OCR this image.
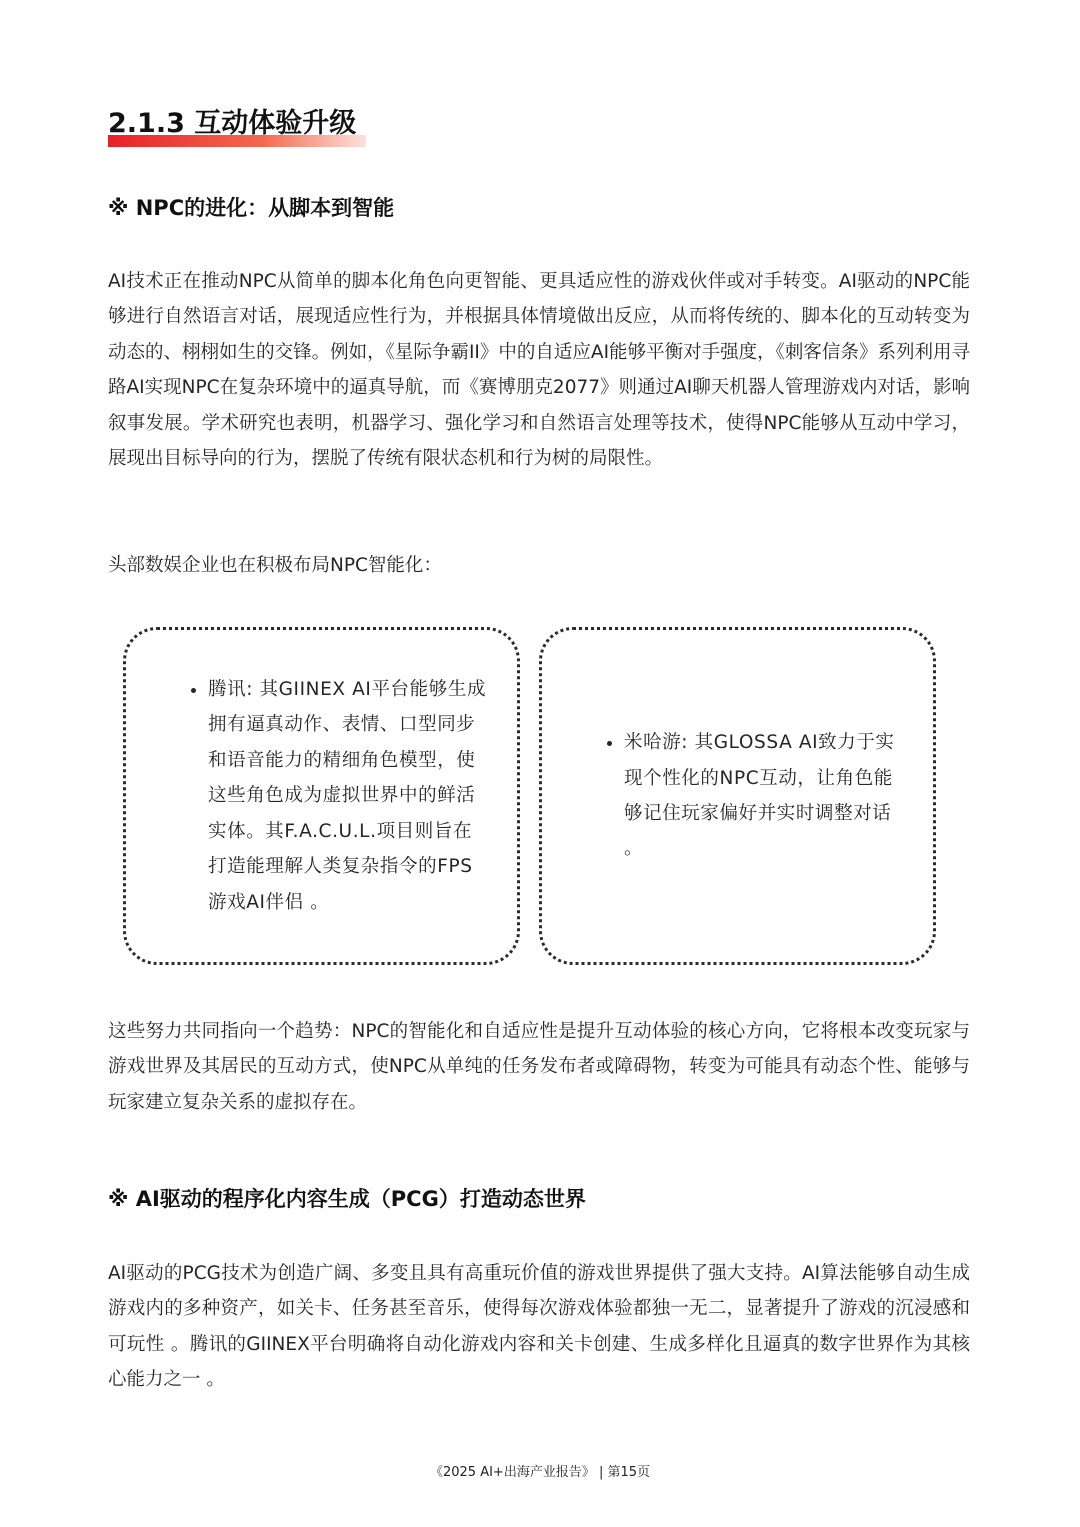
2.1.3 互动体验升级
※ NPC的进化：从脚本到智能

AI技术正在推动NPC从简单的脚本化角色向更智能、更具适应性的游戏伙伴或对手转变。AI驱动的NPC能够进行自然语言对话，展现适应性行为，并根据具体情境做出反应，从而将传统的、脚本化的互动转变为动态的、栩栩如生的交锋。例如，《星际争霸II》中的自适应AI能够平衡对手强度，《刺客信条》系列利用寻路AI实现NPC在复杂环境中的逼真导航，而《赛博朋克2077》则通过AI聊天机器人管理游戏内对话，影响叙事发展。学术研究也表明，机器学习、强化学习和自然语言处理等技术，使得NPC能够从互动中学习，展现出目标导向的行为，摆脱了传统有限状态机和行为树的局限性。

头部数娱企业也在积极布局NPC智能化：

• 腾讯: 其GIINEX AI平台能够生成拥有逼真动作、表情、口型同步和语音能力的精细角色模型，使这些角色成为虚拟世界中的鲜活实体。其F.A.C.U.L.项目则旨在打造能理解人类复杂指令的FPS游戏AI伴侣 。
• 米哈游: 其GLOSSA AI致力于实现个性化的NPC互动，让角色能够记住玩家偏好并实时调整对话 。

这些努力共同指向一个趋势：NPC的智能化和自适应性是提升互动体验的核心方向，它将根本改变玩家与游戏世界及其居民的互动方式，使NPC从单纯的任务发布者或障碍物，转变为可能具有动态个性、能够与玩家建立复杂关系的虚拟存在。

※ AI驱动的程序化内容生成（PCG）打造动态世界

AI驱动的PCG技术为创造广阔、多变且具有高重玩价值的游戏世界提供了强大支持。AI算法能够自动生成游戏内的多种资产，如关卡、任务甚至音乐，使得每次游戏体验都独一无二，显著提升了游戏的沉浸感和可玩性 。腾讯的GIINEX平台明确将自动化游戏内容和关卡创建、生成多样化且逼真的数字世界作为其核心能力之一 。

《2025 AI+出海产业报告》 | 第15页
